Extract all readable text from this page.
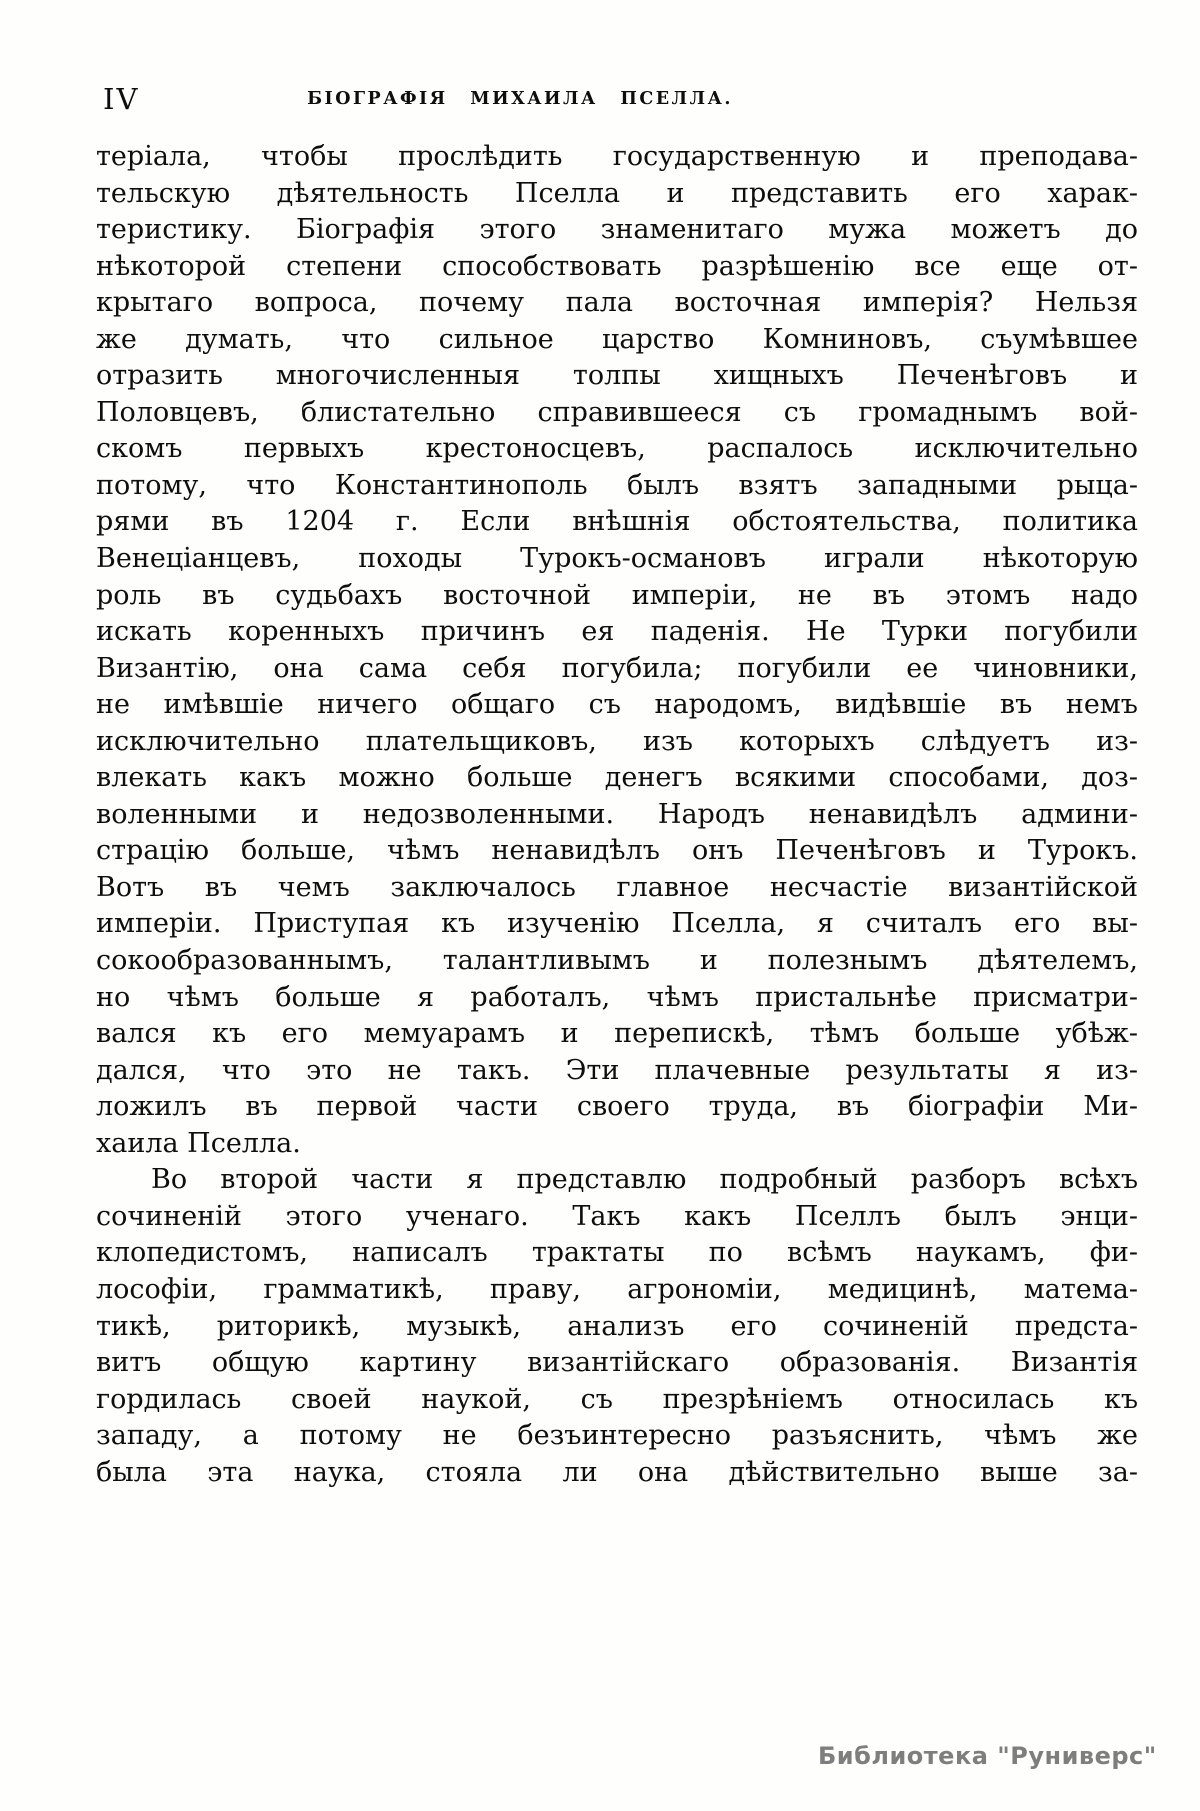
IV	БІОГРАФІЯ МИХАИЛА ПСЕЛЛА.
теріала, чтобы прослѣдить государственную и преподава-
тельскую дѣятельность Пселла и представить его харак-
теристику. Біографія этого знаменитаго мужа можетъ до
нѣкоторой степени способствовать разрѣшенію все еще от-
крытаго вопроса, почему пала восточная имперія? Нельзя
же думать, что сильное царство Комниновъ, съумѣвшее
отразить многочисленныя толпы хищныхъ Печенѣговъ и
Половцевъ, блистательно справившееся съ громаднымъ вой-
скомъ первыхъ крестоносцевъ, распалось исключительно
потому, что Константинополь былъ взятъ западными рыца-
рями въ 1204 г. Если внѣшнія обстоятельства, политика
Венеціанцевъ, походы Турокъ-османовъ играли нѣкоторую
роль въ судьбахъ восточной имперіи, не въ этомъ надо
искать коренныхъ причинъ ея паденія. Не Турки погубили
Византію, она сама себя погубила; погубили ее чиновники,
не имѣвшіе ничего общаго съ народомъ, видѣвшіе въ немъ
исключительно плательщиковъ, изъ которыхъ слѣдуетъ из-
влекать какъ можно больше денегъ всякими способами, доз-
воленными и недозволенными. Народъ ненавидѣлъ админи-
страцію больше, чѣмъ ненавидѣлъ онъ Печенѣговъ и Турокъ.
Вотъ въ чемъ заключалось главное несчастіе византійской
имперіи. Приступая къ изученію Пселла, я считалъ его вы-
сокообразованнымъ, талантливымъ и полезнымъ дѣятелемъ,
но чѣмъ больше я работалъ, чѣмъ пристальнѣе присматри-
вался къ его мемуарамъ и перепискѣ, тѣмъ больше убѣж-
дался, что это не такъ. Эти плачевные результаты я из-
ложилъ въ первой части своего труда, въ біографіи Ми-
хаила Пселла.
Во второй части я представлю подробный разборъ всѣхъ
сочиненій этого ученаго. Такъ какъ Пселлъ былъ энци-
клопедистомъ, написалъ трактаты по всѣмъ наукамъ, фи-
лософіи, грамматикѣ, праву, агрономіи, медицинѣ, матема-
тикѣ, риторикѣ, музыкѣ, анализъ его сочиненій предста-
витъ общую картину византійскаго образованія. Византія
гордилась своей наукой, съ презрѣніемъ относилась къ
западу, а потому не безъинтересно разъяснить, чѣмъ же
была эта наука, стояла ли она дѣйствительно выше за-
Библиотека "Руниверс"
